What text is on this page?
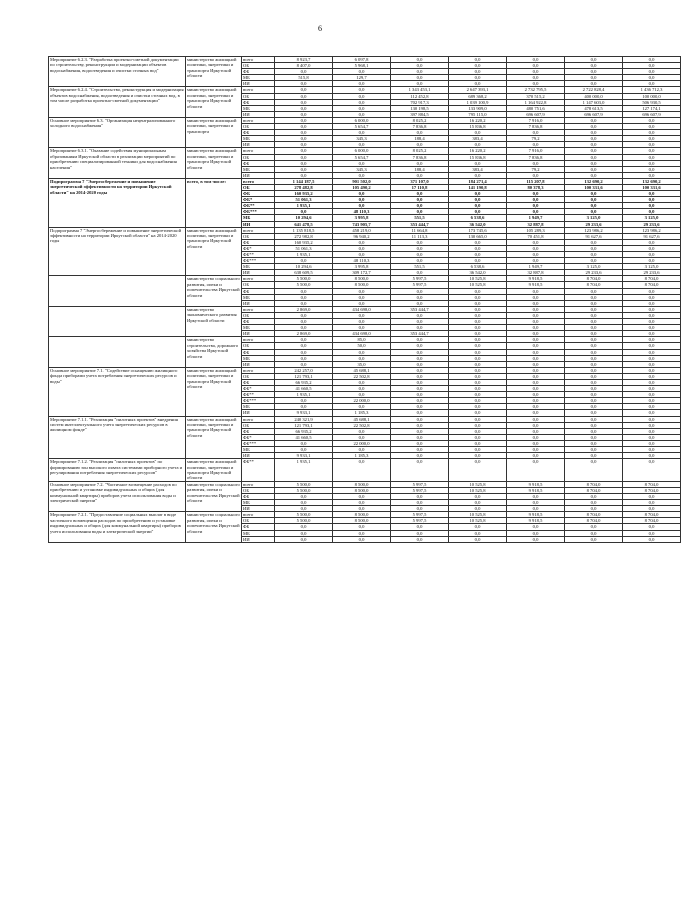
6
Мероприятие 6.2.3. "Разработка проектно-сметной документации по строительству, реконструкции и модернизации объектов водоснабжения, водоотведения и очистки сточных вод"	министерство жилищной политики, энергетики и транспорта Иркутской области	всего	8 923,7	6 097,8	0,0	0,0	0,0	0,0	0,0
		ОБ	8 407,0	5 968,1	0,0	0,0	0,0	0,0	0,0
		ФБ	0,0	0,0	0,0	0,0	0,0	0,0	0,0
		МБ	515,8	129,7	0,0	0,0	0,0	0,0	0,0
		ИИ	0,0	0,0	0,0	0,0	0,0	0,0	0,0
Мероприятие 6.2.4. "Строительство, реконструкция и модернизация объектов водоснабжения, водоотведения и очистки сточных вод, в том числе разработка проектно-сметной документации"	министерство жилищной политики, энергетики и транспорта Иркутской области	всего	0,0	0,0	1 343 453,1	2 647 393,1	2 732 795,5	2 722 828,4	1 436 712,3
		ОБ	0,0	0,0	112 452,8	689 368,2	370 515,2	400 000,0	100 000,0
		ФБ	0,0	0,0	702 917,3	1 039 100,9	1 164 922,8	1 147 603,0	506 930,5
		МБ	0,0	0,0	130 198,5	133 909,0	480 751,6	478 613,5	127 174,1
		ИИ	0,0	0,0	397 884,5	795 115,0	696 607,9	696 607,9	696 607,9
Основное мероприятие 6.3. "Организация нецентрализованного холодного водоснабжения"	министерство жилищной политики, энергетики и транспорта	всего	0,0	6 000,0	8 025,2	16 220,2	7 916,0	0,0	0,0
		ОБ	0,0	5 654,7	7 836,8	15 836,8	7 836,8	0,0	0,0
		ФБ	0,0	0,0	0,0	0,0	0,0	0,0	0,0
		МБ	0,0	345,3	188,4	383,4	79,2	0,0	0,0
		ИИ	0,0	0,0	0,0	0,0	0,0	0,0	0,0
Мероприятие 6.3.1. "Оказание содействия муниципальным образованиям Иркутской области в реализации мероприятий по приобретению специализированной техники для водоснабжения населения"	министерство жилищной политики, энергетики и транспорта Иркутской области	всего	0,0	6 000,0	8 025,2	16 220,2	7 916,0	0,0	0,0
		ОБ	0,0	5 654,7	7 836,8	15 836,8	7 836,8	0,0	0,0
		ФБ	0,0	0,0	0,0	0,0	0,0	0,0	0,0
		МБ	0,0	345,3	188,4	383,4	79,2	0,0	0,0
		ИИ	0,0	0,0	0,0	0,0	0,0	0,0	0,0
Подпрограмма 7 "Энергосбережение и повышение энергетической эффективности на территории Иркутской области" на 2014-2020 годы	всего, в том числе:	всего	1 144 187,5	901 502,0	371 107,0	184 271,4	115 207,8	132 690,2	132 690,2
		ОБ	278 482,8	105 490,2	17 110,8	141 190,8	80 378,3	100 331,6	100 331,6
		ФБ	160 935,2	0,0	0,0	0,0	0,0	0,0	0,0
		ФБ*	51 061,3	0,0	0,0	0,0	0,0	0,0	0,0
		ФБ**	1 935,1	0,0	0,0	0,0	0,0	0,0	0,0
		ФБ***	0,0	48 110,3	0,0	0,0	0,0	0,0	0,0
		МБ	10 294,6	3 995,8	551,5	6 538,6	1 949,7	3 125,0	3 125,0
		ИИ	641 478,5	743 905,7	353 444,7	36 542,0	32 887,8	29 233,6	29 233,6
Подпрограмма 7 "Энергосбережение и повышение энергетической эффективности на территории Иркутской области" на 2014-2020 годы	министерство жилищной политики, энергетики и транспорта Иркутской области	всего	1 135 818,5	458 219,0	11 664,8	173 745,6	105 289,3	123 986,2	123 986,2
		ОБ	272 982,8	96 940,2	11 113,3	130 665,0	70 451,8	91 627,6	91 627,6
		ФБ	160 935,2	0,0	0,0	0,0	0,0	0,0	0,0
		ФБ*	51 061,3	0,0	0,0	0,0	0,0	0,0	0,0
		ФБ**	1 935,1	0,0	0,0	0,0	0,0	0,0	0,0
		ФБ***	0,0	48 110,3	0,0	0,0	0,0	0,0	0,0
		МБ	10 294,6	3 995,8	551,5	6 538,6	1 949,7	3 125,0	3 125,0
		ИИ	638 609,5	309 172,7	0,0	36 542,0	32 887,8	29 233,6	29 233,6
	министерство социального развития, опеки и попечительства Иркутской области	всего	5 500,0	8 500,0	5 997,5	10 525,8	9 918,5	8 704,0	8 704,0
		ОБ	5 500,0	8 500,0	5 997,5	10 525,8	9 918,5	8 704,0	8 704,0
		ФБ	0,0	0,0	0,0	0,0	0,0	0,0	0,0
		МБ	0,0	0,0	0,0	0,0	0,0	0,0	0,0
		ИИ	0,0	0,0	0,0	0,0	0,0	0,0	0,0
	министерство экономического развития Иркутской области	всего	2 869,0	434 698,0	353 444,7	0,0	0,0	0,0	0,0
		ОБ	0,0	0,0	0,0	0,0	0,0	0,0	0,0
		ФБ	0,0	0,0	0,0	0,0	0,0	0,0	0,0
		МБ	0,0	0,0	0,0	0,0	0,0	0,0	0,0
		ИИ	2 869,0	434 698,0	353 444,7	0,0	0,0	0,0	0,0
	министерство строительства, дорожного хозяйства Иркутской области	всего	0,0	85,0	0,0	0,0	0,0	0,0	0,0
		ОБ	0,0	50,0	0,0	0,0	0,0	0,0	0,0
		ФБ	0,0	0,0	0,0	0,0	0,0	0,0	0,0
		МБ	0,0	0,0	0,0	0,0	0,0	0,0	0,0
		ИИ	0,0	35,0	0,0	0,0	0,0	0,0	0,0
Основное мероприятие 7.1. "Содействие оснащению жилищного фонда приборами учета потребления энергетических ресурсов и воды"	министерство жилищной политики, энергетики и транспорта Иркутской области	всего	242 257,0	45 688,1	0,0	0,0	0,0	0,0	0,0
		ОБ	121 793,1	22 502,8	0,0	0,0	0,0	0,0	0,0
		ФБ	66 935,2	0,0	0,0	0,0	0,0	0,0	0,0
		ФБ*	41 660,5	0,0	0,0	0,0	0,0	0,0	0,0
		ФБ**	1 935,1	0,0	0,0	0,0	0,0	0,0	0,0
		ФБ***	0,0	22 000,0	0,0	0,0	0,0	0,0	0,0
		МБ	0,0	0,0	0,0	0,0	0,0	0,0	0,0
		ИИ	9 933,1	1 185,3	0,0	0,0	0,0	0,0	0,0
Мероприятие 7.1.1. "Реализация "пилотных проектов" внедрения систем интеллектуального учета энергетических ресурсов в жилищном фонде"	министерство жилищной политики, энергетики и транспорта Иркутской области	всего	240 321,9	45 688,1	0,0	0,0	0,0	0,0	0,0
		ОБ	121 793,1	22 502,8	0,0	0,0	0,0	0,0	0,0
		ФБ	66 935,2	0,0	0,0	0,0	0,0	0,0	0,0
		ФБ*	41 660,5	0,0	0,0	0,0	0,0	0,0	0,0
		ФБ***	0,0	22 000,0	0,0	0,0	0,0	0,0	0,0
		МБ	0,0	0,0	0,0	0,0	0,0	0,0	0,0
		ИИ	9 933,1	1 185,3	0,0	0,0	0,0	0,0	0,0
Мероприятие 7.1.2. "Реализация "пилотных проектов" по формированию зон высокого охвата системами приборного учета и регулирования потребления энергетических ресурсов"	министерство жилищной политики, энергетики и транспорта Иркутской области	ФБ**	1 935,1	0,0	0,0	0,0	0,0	0,0	0,0
Основное мероприятие 7.2. "Частичное возмещение расходов по приобретению и установке индивидуальных и общих (для коммунальной квартиры) приборов учета использования воды и электрической энергии"	министерство социального развития, опеки и попечительства Иркутской области	всего	5 500,0	8 500,0	5 997,5	10 525,8	9 918,5	8 704,0	8 704,0
		ОБ	5 500,0	8 500,0	5 997,5	10 525,8	9 918,5	8 704,0	8 704,0
		ФБ	0,0	0,0	0,0	0,0	0,0	0,0	0,0
		МБ	0,0	0,0	0,0	0,0	0,0	0,0	0,0
		ИИ	0,0	0,0	0,0	0,0	0,0	0,0	0,0
Мероприятие 7.2.1. "Предоставление социальных выплат в виде частичного возмещения расходов по приобретению и установке индивидуальных и общих (для коммунальной квартиры) приборов учета использования воды и электрической энергии"	министерство социального развития, опеки и попечительства Иркутской области	всего	5 500,0	8 500,0	5 997,5	10 525,8	9 918,5	8 704,0	8 704,0
		ОБ	5 500,0	8 500,0	5 997,5	10 525,8	9 918,5	8 704,0	8 704,0
		ФБ	0,0	0,0	0,0	0,0	0,0	0,0	0,0
		МБ	0,0	0,0	0,0	0,0	0,0	0,0	0,0
		ИИ	0,0	0,0	0,0	0,0	0,0	0,0	0,0
